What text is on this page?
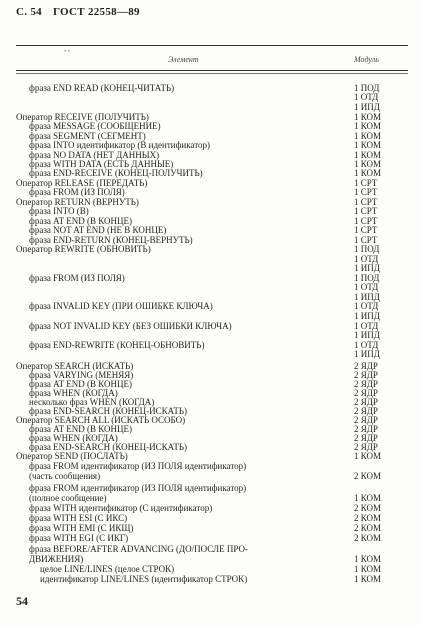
С. 54 ГОСТ 22558—89
• •
Элемент	Модуль
фраза END READ (КОНЕЦ-ЧИТАТЬ)	1 ПОД
1 ОТД
1 ИПД
Оператор RECEIVE (ПОЛУЧИТЬ)	1 КОМ
фраза MESSAGE (СООБЩЕНИЕ)	1 КОМ
фраза SEGMENT (СЕГМЕНТ)	1 КОМ
фраза INTO идентификатор (В идентификатор)	1 КОМ
фраза NO DATA (НЕТ ДАННЫХ)	1 КОМ
фраза WITH DATA (ЕСТЬ ДАННЫЕ)	1 КОМ
фраза END-RECEIVE (КОНЕЦ-ПОЛУЧИТЬ)	1 КОМ
Оператор RELEASE (ПЕРЕДАТЬ)	1 СРТ
фраза FROM (ИЗ ПОЛЯ)	1 СРТ
Оператор RETURN (ВЕРНУТЬ)	1 СРТ
фраза INTO (В)	1 СРТ
фраза AT END (В КОНЦЕ)	1 СРТ
фраза NOT AT END (НЕ В КОНЦЕ)	1 СРТ
фраза END-RETURN (КОНЕЦ-ВЕРНУТЬ)	1 СРТ
Оператор REWRITE (ОБНОВИТЬ)	1 ПОД
1 ОТД
1 ИПД
фраза FROM (ИЗ ПОЛЯ)	1 ПОД
1 ОТД
1 ИПД
фраза INVALID KEY (ПРИ ОШИБКЕ КЛЮЧА)	1 ОТД
1 ИПД
фраза NOT INVALID KEY (БЕЗ ОШИБКИ КЛЮЧА)	1 ОТД
1 ИПД
фраза END-REWRITE (КОНЕЦ-ОБНОВИТЬ)	1 ОТД
1 ИПД
Оператор SEARCH (ИСКАТЬ)	2 ЯДР
фраза VARYING (МЕНЯЯ)	2 ЯДР
фраза AT END (В КОНЦЕ)	2 ЯДР
фраза WHEN (КОГДА)	2 ЯДР
несколько фраз WHEN (КОГДА)	2 ЯДР
фраза END-SEARCH (КОНЕЦ-ИСКАТЬ)	2 ЯДР
Оператор SEARCH ALL (ИСКАТЬ ОСОБО)	2 ЯДР
фраза AT END (В КОНЦЕ)	2 ЯДР
фраза WHEN (КОГДА)	2 ЯДР
фраза END-SEARCH (КОНЕЦ-ИСКАТЬ)	2 ЯДР
Оператор SEND (ПОСЛАТЬ)	1 КОМ
фраза FROM идентификатор (ИЗ ПОЛЯ идентификатор)
(часть сообщения)	2 КОМ
фраза FROM идентификатор (ИЗ ПОЛЯ идентификатор)
(полное сообщение)	1 КОМ
фраза WITH идентификатор (С идентификатор)	2 КОМ
фраза WITH ESI (С ИКС)	2 КОМ
фраза WITH EMI (С ИКЩ)	2 КОМ
фраза WITH EGI (С ИКГ)	2 КОМ
фраза BEFORE/AFTER ADVANCING (ДО/ПОСЛЕ ПРО-
ДВИЖЕНИЯ)	1 КОМ
целое LINE/LINES (целое СТРОК)	1 КОМ
идентификатор LINE/LINES (идентификатор СТРОК)	1 КОМ
54
